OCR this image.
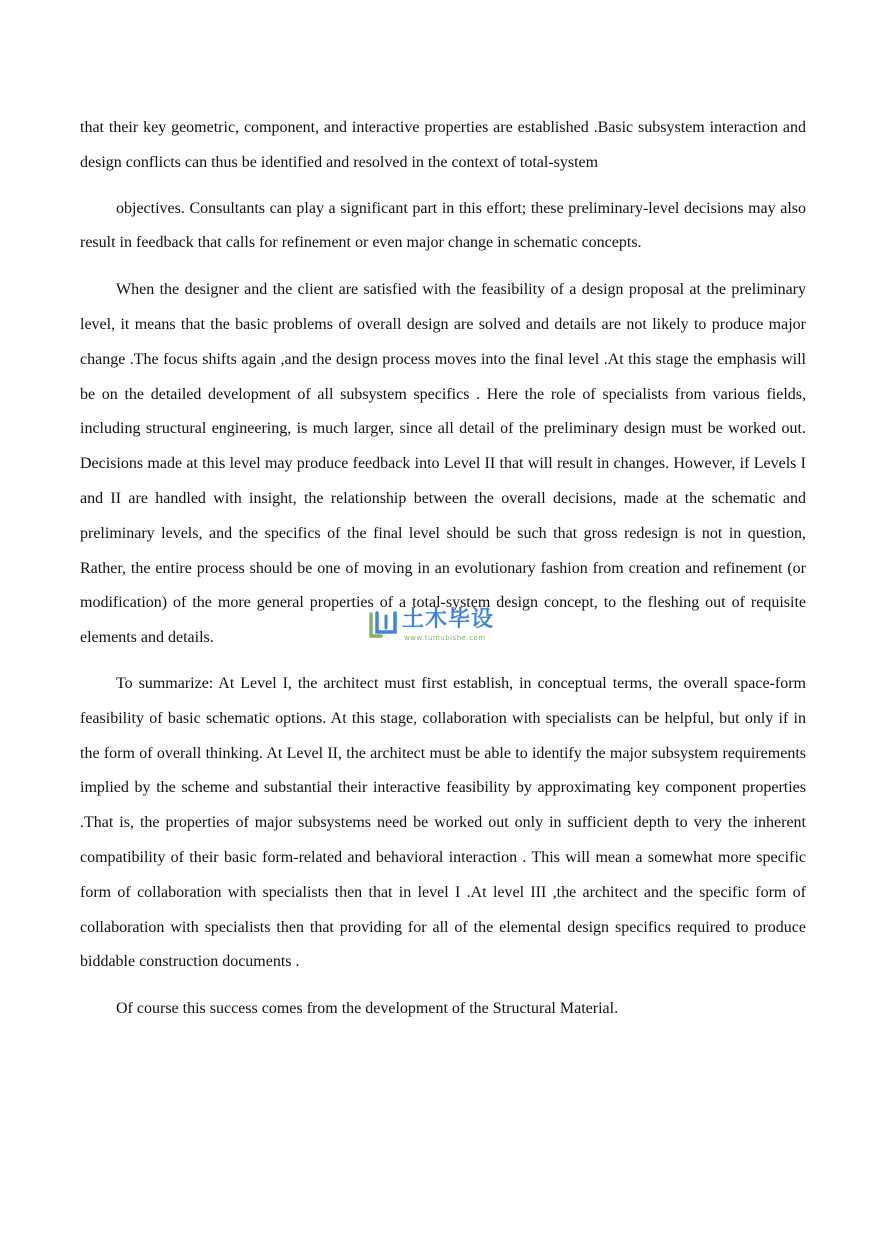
that their key geometric, component, and interactive properties are established .Basic subsystem interaction and design conflicts can thus be identified and resolved in the context of total-system

objectives. Consultants can play a significant part in this effort; these preliminary-level decisions may also result in feedback that calls for refinement or even major change in schematic concepts.

When the designer and the client are satisfied with the feasibility of a design proposal at the preliminary level, it means that the basic problems of overall design are solved and details are not likely to produce major change .The focus shifts again ,and the design process moves into the final level .At this stage the emphasis will be on the detailed development of all subsystem specifics . Here the role of specialists from various fields, including structural engineering, is much larger, since all detail of the preliminary design must be worked out. Decisions made at this level may produce feedback into Level II that will result in changes. However, if Levels I and II are handled with insight, the relationship between the overall decisions, made at the schematic and preliminary levels, and the specifics of the final level should be such that gross redesign is not in question, Rather, the entire process should be one of moving in an evolutionary fashion from creation and refinement (or modification) of the more general properties of a total-system design concept, to the fleshing out of requisite elements and details.

To summarize: At Level I, the architect must first establish, in conceptual terms, the overall space-form feasibility of basic schematic options. At this stage, collaboration with specialists can be helpful, but only if in the form of overall thinking. At Level II, the architect must be able to identify the major subsystem requirements implied by the scheme and substantial their interactive feasibility by approximating key component properties .That is, the properties of major subsystems need be worked out only in sufficient depth to very the inherent compatibility of their basic form-related and behavioral interaction . This will mean a somewhat more specific form of collaboration with specialists then that in level I .At level III ,the architect and the specific form of collaboration with specialists then that providing for all of the elemental design specifics required to produce biddable construction documents .

Of course this success comes from the development of the Structural Material.

土木毕设
www.tumubishe.com
